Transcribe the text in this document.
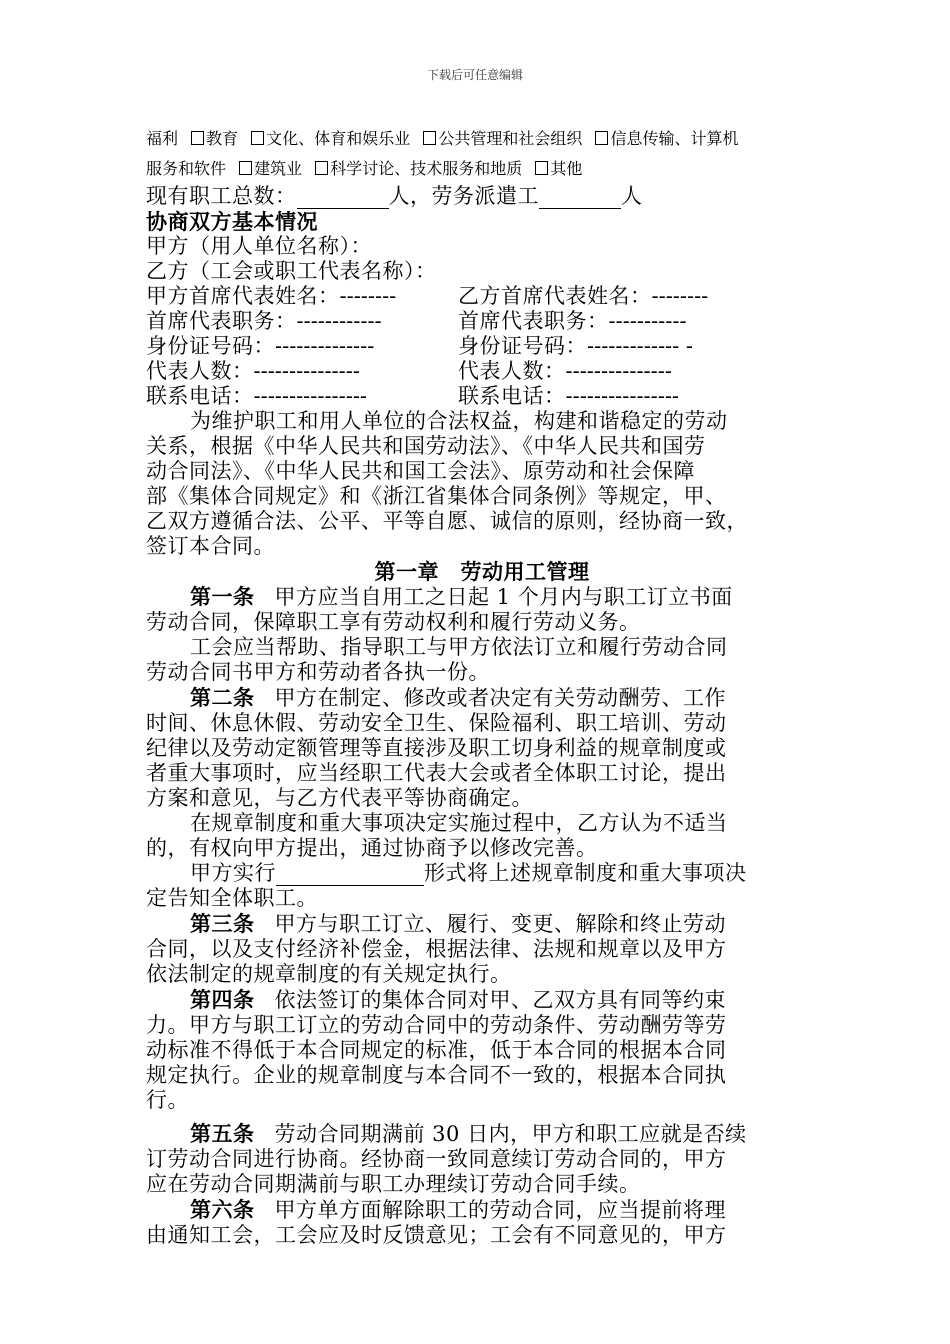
下载后可任意编辑
福利 教育 文化、体育和娱乐业 公共管理和社会组织 信息传输、计算机
服务和软件 建筑业 科学讨论、技术服务和地质 其他
现有职工总数：	人，劳务派遣工	人
协商双方基本情况
甲方（用人单位名称）：
乙方（工会或职工代表名称）：
甲方首席代表姓名：--------	乙方首席代表姓名：--------
首席代表职务：------------	首席代表职务：-----------
身份证号码：--------------	身份证号码：------------- -
代表人数：---------------	代表人数：---------------
联系电话：----------------	联系电话：----------------
为维护职工和用人单位的合法权益，构建和谐稳定的劳动
关系，根据《中华人民共和国劳动法》、《中华人民共和国劳
动合同法》、《中华人民共和国工会法》、原劳动和社会保障
部《集体合同规定》和《浙江省集体合同条例》等规定，甲、
乙双方遵循合法、公平、平等自愿、诚信的原则，经协商一致，
签订本合同。
第一章　劳动用工管理
第一条 甲方应当自用工之日起 1 个月内与职工订立书面
劳动合同，保障职工享有劳动权利和履行劳动义务。
工会应当帮助、指导职工与甲方依法订立和履行劳动合同
劳动合同书甲方和劳动者各执一份。
第二条 甲方在制定、修改或者决定有关劳动酬劳、工作
时间、休息休假、劳动安全卫生、保险福利、职工培训、劳动
纪律以及劳动定额管理等直接涉及职工切身利益的规章制度或
者重大事项时，应当经职工代表大会或者全体职工讨论，提出
方案和意见，与乙方代表平等协商确定。
在规章制度和重大事项决定实施过程中，乙方认为不适当
的，有权向甲方提出，通过协商予以修改完善。
甲方实行	形式将上述规章制度和重大事项决
定告知全体职工。
第三条 甲方与职工订立、履行、变更、解除和终止劳动
合同，以及支付经济补偿金，根据法律、法规和规章以及甲方
依法制定的规章制度的有关规定执行。
第四条 依法签订的集体合同对甲、乙双方具有同等约束
力。甲方与职工订立的劳动合同中的劳动条件、劳动酬劳等劳
动标准不得低于本合同规定的标准，低于本合同的根据本合同
规定执行。企业的规章制度与本合同不一致的，根据本合同执
行。
第五条 劳动合同期满前 30 日内，甲方和职工应就是否续
订劳动合同进行协商。经协商一致同意续订劳动合同的，甲方
应在劳动合同期满前与职工办理续订劳动合同手续。
第六条 甲方单方面解除职工的劳动合同，应当提前将理
由通知工会，工会应及时反馈意见；工会有不同意见的，甲方
